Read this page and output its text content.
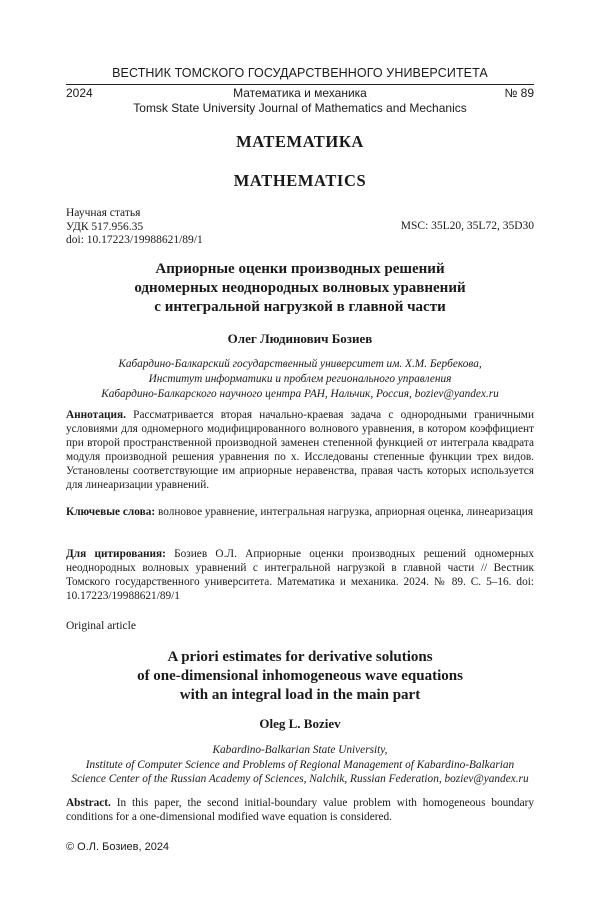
ВЕСТНИК ТОМСКОГО ГОСУДАРСТВЕННОГО УНИВЕРСИТЕТА
2024	Математика и механика	№ 89
Tomsk State University Journal of Mathematics and Mechanics
МАТЕМАТИКА
MATHEMATICS
Научная статья
УДК 517.956.35
doi: 10.17223/19988621/89/1
MSC: 35L20, 35L72, 35D30
Априорные оценки производных решений
одномерных неоднородных волновых уравнений
с интегральной нагрузкой в главной части
Олег Людинович Бозиев
Кабардино-Балкарский государственный университет им. Х.М. Бербекова,
Институт информатики и проблем регионального управления
Кабардино-Балкарского научного центра РАН, Нальчик, Россия, boziev@yandex.ru
Аннотация. Рассматривается вторая начально-краевая задача с однородными граничными условиями для одномерного модифицированного волнового уравнения, в котором коэффициент при второй пространственной производной заменен степенной функцией от интеграла квадрата модуля производной решения уравнения по x. Исследованы степенные функции трех видов. Установлены соответствующие им априорные неравенства, правая часть которых используется для линеаризации уравнений.
Ключевые слова: волновое уравнение, интегральная нагрузка, априорная оценка, линеаризация
Для цитирования: Бозиев О.Л. Априорные оценки производных решений одномерных неоднородных волновых уравнений с интегральной нагрузкой в главной части // Вестник Томского государственного университета. Математика и механика. 2024. № 89. С. 5–16. doi: 10.17223/19988621/89/1
Original article
A priori estimates for derivative solutions
of one-dimensional inhomogeneous wave equations
with an integral load in the main part
Oleg L. Boziev
Kabardino-Balkarian State University,
Institute of Computer Science and Problems of Regional Management of Kabardino-Balkarian
Science Center of the Russian Academy of Sciences, Nalchik, Russian Federation, boziev@yandex.ru
Abstract. In this paper, the second initial-boundary value problem with homogeneous boundary conditions for a one-dimensional modified wave equation is considered.
© О.Л. Бозиев, 2024
